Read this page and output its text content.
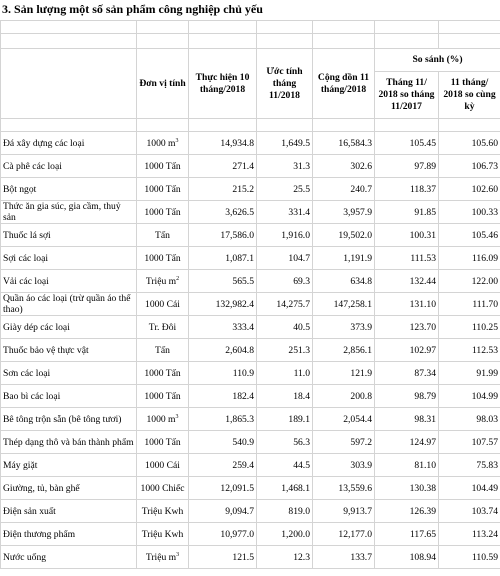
3. Sản lượng một số sản phẩm công nghiệp chủ yếu

	Đơn vị tính	Thực hiện 10 tháng/2018	Ước tính tháng 11/2018	Cộng dồn 11 tháng/2018	So sánh (%)	
					Tháng 11/ 2018 so tháng 11/2017	11 tháng/ 2018 so cùng kỳ

Đá xây dựng các loại	1000 $m^3$	14,934.8	1,649.5	16,584.3	105.45	105.60
Cà phê các loại	1000 Tấn	271.4	31.3	302.6	97.89	106.73
Bột ngọt	1000 Tấn	215.2	25.5	240.7	118.37	102.60
Thức ăn gia súc, gia cầm, thuỷ sản	1000 Tấn	3,626.5	331.4	3,957.9	91.85	100.33
Thuốc lá sợi	Tấn	17,586.0	1,916.0	19,502.0	100.31	105.46
Sợi các loại	1000 Tấn	1,087.1	104.7	1,191.9	111.53	116.09
Vải các loại	Triệu $m^2$	565.5	69.3	634.8	132.44	122.00
Quần áo các loại (trừ quần áo thể thao)	1000 Cái	132,982.4	14,275.7	147,258.1	131.10	111.70
Giày dép các loại	Tr. Đôi	333.4	40.5	373.9	123.70	110.25
Thuốc bảo vệ thực vật	Tấn	2,604.8	251.3	2,856.1	102.97	112.53
Sơn các loại	1000 Tấn	110.9	11.0	121.9	87.34	91.99
Bao bì các loại	1000 Tấn	182.4	18.4	200.8	98.79	104.99
Bê tông trộn sẵn (bê tông tươi)	1000 $m^3$	1,865.3	189.1	2,054.4	98.31	98.03
Thép dạng thô và bán thành phẩm	1000 Tấn	540.9	56.3	597.2	124.97	107.57
Máy giặt	1000 Cái	259.4	44.5	303.9	81.10	75.83
Giường, tủ, bàn ghế	1000 Chiếc	12,091.5	1,468.1	13,559.6	130.38	104.49
Điện sản xuất	Triệu Kwh	9,094.7	819.0	9,913.7	126.39	103.74
Điện thương phẩm	Triệu Kwh	10,977.0	1,200.0	12,177.0	117.65	113.24
Nước uống	Triệu $m^3$	121.5	12.3	133.7	108.94	110.59
